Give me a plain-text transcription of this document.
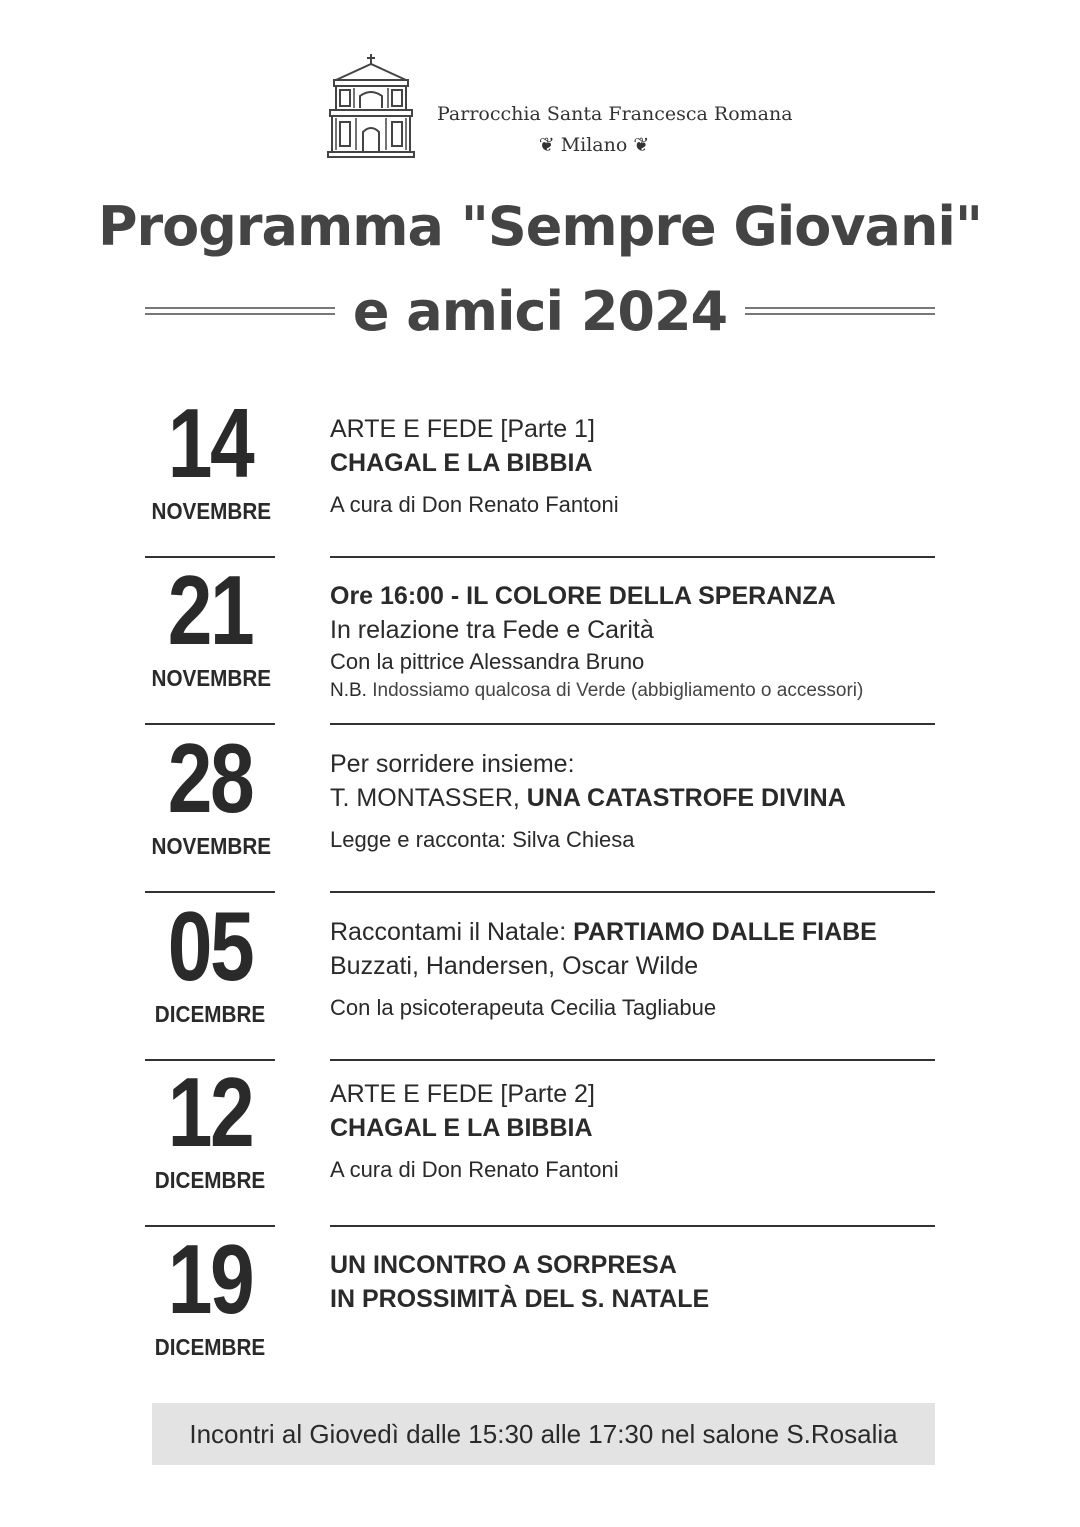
Parrocchia Santa Francesca Romana
❦ Milano ❦
Programma "Sempre Giovani"
e amici 2024
14
NOVEMBRE
ARTE E FEDE [Parte 1]
CHAGAL E LA BIBBIA
A cura di Don Renato Fantoni
21
NOVEMBRE
Ore 16:00 - IL COLORE DELLA SPERANZA
In relazione tra Fede e Carità
Con la pittrice Alessandra Bruno
N.B. Indossiamo qualcosa di Verde (abbigliamento o accessori)
28
NOVEMBRE
Per sorridere insieme:
T. MONTASSER, UNA CATASTROFE DIVINA
Legge e racconta: Silva Chiesa
05
DICEMBRE
Raccontami il Natale: PARTIAMO DALLE FIABE
Buzzati, Handersen, Oscar Wilde
Con la psicoterapeuta Cecilia Tagliabue
12
DICEMBRE
ARTE E FEDE [Parte 2]
CHAGAL E LA BIBBIA
A cura di Don Renato Fantoni
19
DICEMBRE
UN INCONTRO A SORPRESA
IN PROSSIMITÀ DEL S. NATALE
Incontri al Giovedì dalle 15:30 alle 17:30 nel salone S.Rosalia
